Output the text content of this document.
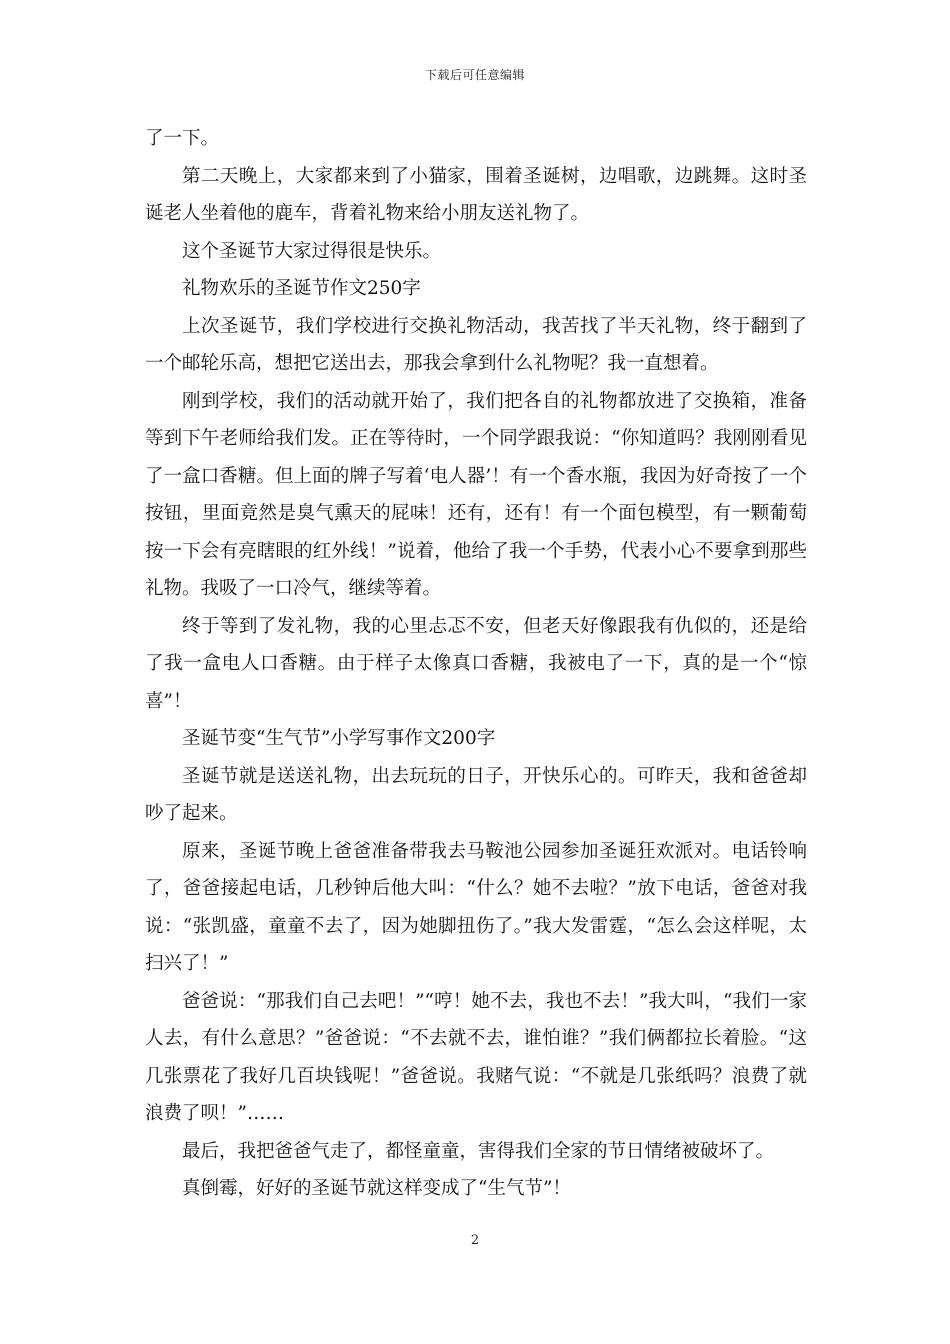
下载后可任意编辑

了一下。

第二天晚上，大家都来到了小猫家，围着圣诞树，边唱歌，边跳舞。这时圣诞老人坐着他的鹿车，背着礼物来给小朋友送礼物了。

这个圣诞节大家过得很是快乐。

礼物欢乐的圣诞节作文250字

上次圣诞节，我们学校进行交换礼物活动，我苦找了半天礼物，终于翻到了一个邮轮乐高，想把它送出去，那我会拿到什么礼物呢？我一直想着。

刚到学校，我们的活动就开始了，我们把各自的礼物都放进了交换箱，准备等到下午老师给我们发。正在等待时，一个同学跟我说：“你知道吗？我刚刚看见了一盒口香糖。但上面的牌子写着‘电人器’！有一个香水瓶，我因为好奇按了一个按钮，里面竟然是臭气熏天的屁味！还有，还有！有一个面包模型，有一颗葡萄按一下会有亮瞎眼的红外线！”说着，他给了我一个手势，代表小心不要拿到那些礼物。我吸了一口冷气，继续等着。

终于等到了发礼物，我的心里忐忑不安，但老天好像跟我有仇似的，还是给了我一盒电人口香糖。由于样子太像真口香糖，我被电了一下，真的是一个“惊喜”！

圣诞节变“生气节”小学写事作文200字

圣诞节就是送送礼物，出去玩玩的日子，开快乐心的。可昨天，我和爸爸却吵了起来。

原来，圣诞节晚上爸爸准备带我去马鞍池公园参加圣诞狂欢派对。电话铃响了，爸爸接起电话，几秒钟后他大叫：“什么？她不去啦？”放下电话，爸爸对我说：“张凯盛，童童不去了，因为她脚扭伤了。”我大发雷霆，“怎么会这样呢，太扫兴了！”

爸爸说：“那我们自己去吧！”“哼！她不去，我也不去！”我大叫，“我们一家人去，有什么意思？”爸爸说：“不去就不去，谁怕谁？”我们俩都拉长着脸。“这几张票花了我好几百块钱呢！”爸爸说。我赌气说：“不就是几张纸吗？浪费了就浪费了呗！”……

最后，我把爸爸气走了，都怪童童，害得我们全家的节日情绪被破坏了。

真倒霉，好好的圣诞节就这样变成了“生气节”！

2
